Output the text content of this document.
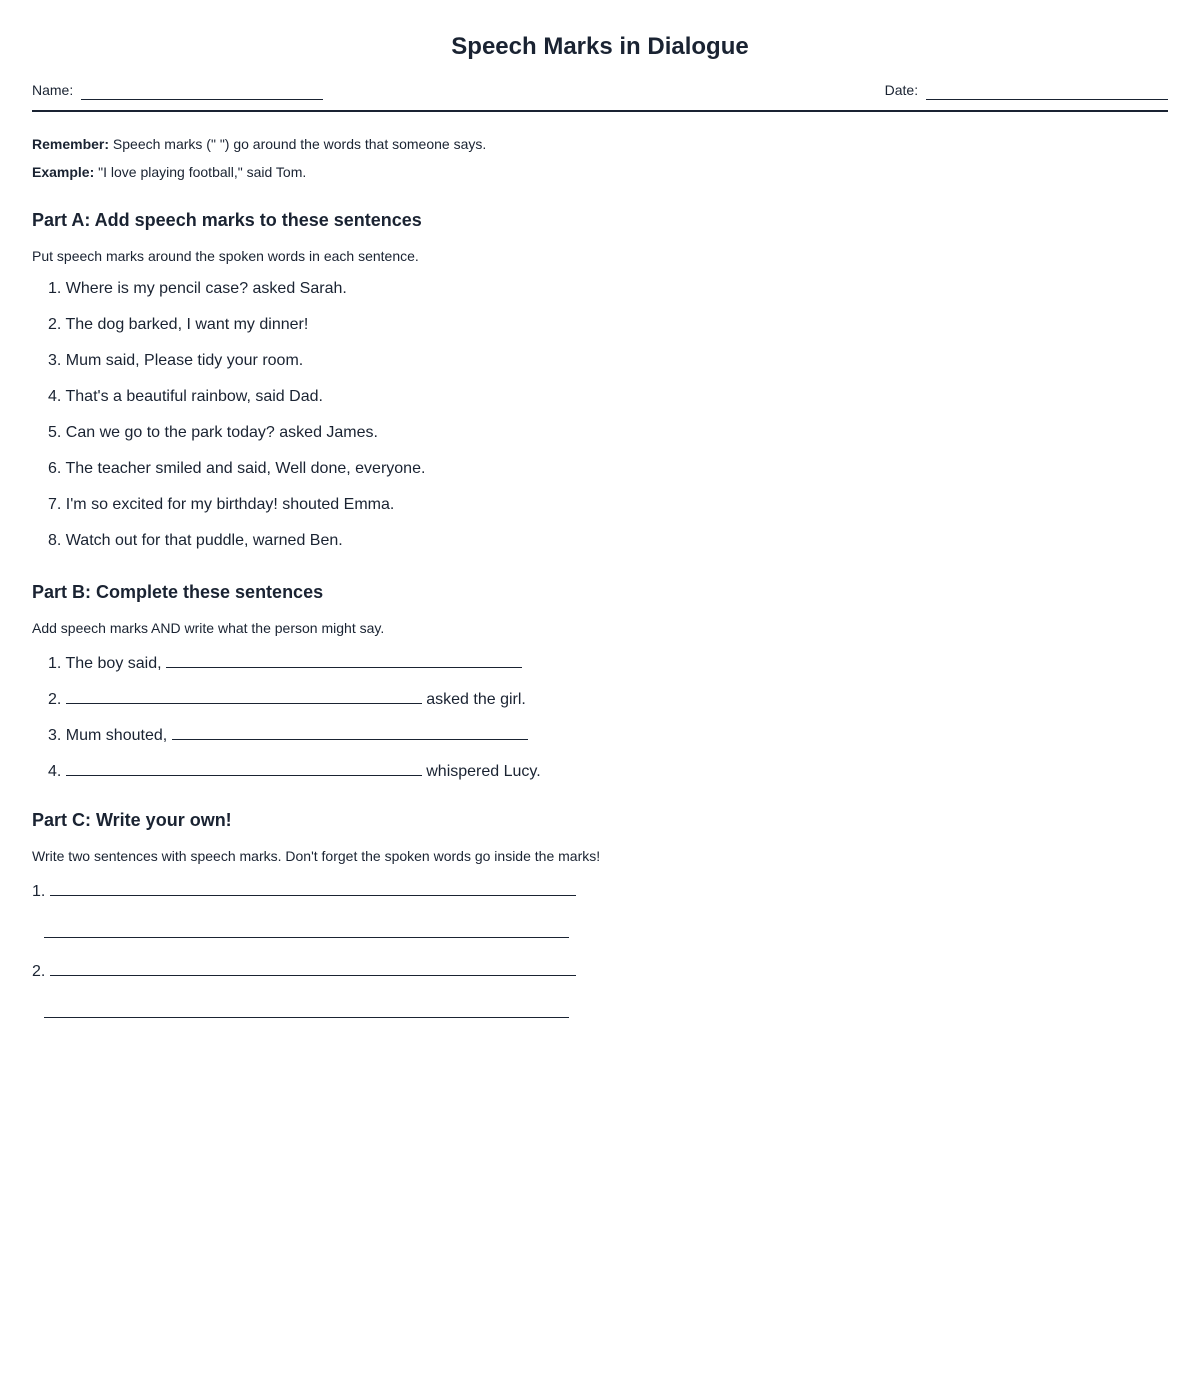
Speech Marks in Dialogue
Name:	Date:
Remember: Speech marks (" ") go around the words that someone says.
Example: "I love playing football," said Tom.
Part A: Add speech marks to these sentences
Put speech marks around the spoken words in each sentence.
1. Where is my pencil case? asked Sarah.
2. The dog barked, I want my dinner!
3. Mum said, Please tidy your room.
4. That's a beautiful rainbow, said Dad.
5. Can we go to the park today? asked James.
6. The teacher smiled and said, Well done, everyone.
7. I'm so excited for my birthday! shouted Emma.
8. Watch out for that puddle, warned Ben.
Part B: Complete these sentences
Add speech marks AND write what the person might say.
1. The boy said,
2.	asked the girl.
3. Mum shouted,
4.	whispered Lucy.
Part C: Write your own!
Write two sentences with speech marks. Don't forget the spoken words go inside the marks!
1.
2.
